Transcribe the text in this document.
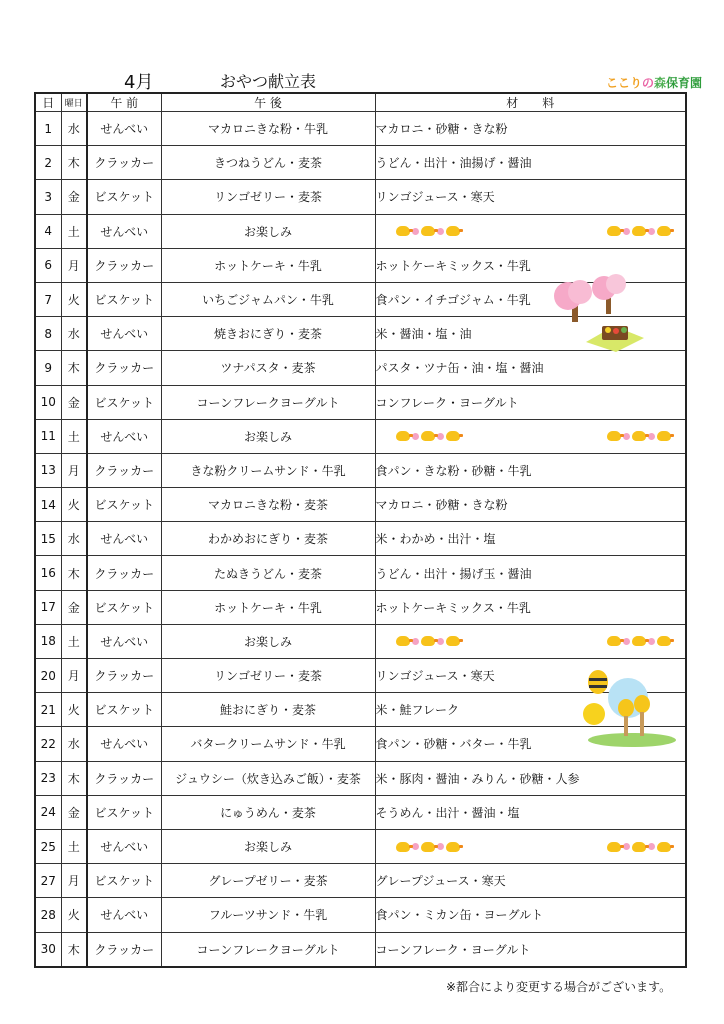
4月	おやつ献立表	ここりの森保育園
日	曜日	午 前	午 後	材　　料
1	水	せんべい	マカロニきな粉・牛乳	マカロニ・砂糖・きな粉
2	木	クラッカー	きつねうどん・麦茶	うどん・出汁・油揚げ・醤油
3	金	ビスケット	リンゴゼリー・麦茶	リンゴジュース・寒天
4	土	せんべい	お楽しみ	

6	月	クラッカー	ホットケーキ・牛乳	ホットケーキミックス・牛乳
7	火	ビスケット	いちごジャムパン・牛乳	食パン・イチゴジャム・牛乳
8	水	せんべい	焼きおにぎり・麦茶	米・醤油・塩・油
9	木	クラッカー	ツナパスタ・麦茶	パスタ・ツナ缶・油・塩・醤油
10	金	ビスケット	コーンフレークヨーグルト	コンフレーク・ヨーグルト
11	土	せんべい	お楽しみ	

13	月	クラッカー	きな粉クリームサンド・牛乳	食パン・きな粉・砂糖・牛乳
14	火	ビスケット	マカロニきな粉・麦茶	マカロニ・砂糖・きな粉
15	水	せんべい	わかめおにぎり・麦茶	米・わかめ・出汁・塩
16	木	クラッカー	たぬきうどん・麦茶	うどん・出汁・揚げ玉・醤油
17	金	ビスケット	ホットケーキ・牛乳	ホットケーキミックス・牛乳
18	土	せんべい	お楽しみ	

20	月	クラッカー	リンゴゼリー・麦茶	リンゴジュース・寒天
21	火	ビスケット	鮭おにぎり・麦茶	米・鮭フレーク
22	水	せんべい	バタークリームサンド・牛乳	食パン・砂糖・バター・牛乳
23	木	クラッカー	ジュウシー（炊き込みご飯）・麦茶	米・豚肉・醤油・みりん・砂糖・人参
24	金	ビスケット	にゅうめん・麦茶	そうめん・出汁・醤油・塩
25	土	せんべい	お楽しみ	

27	月	ビスケット	グレープゼリー・麦茶	グレープジュース・寒天
28	火	せんべい	フルーツサンド・牛乳	食パン・ミカン缶・ヨーグルト
30	木	クラッカー	コーンフレークヨーグルト	コーンフレーク・ヨーグルト
※都合により変更する場合がございます。
